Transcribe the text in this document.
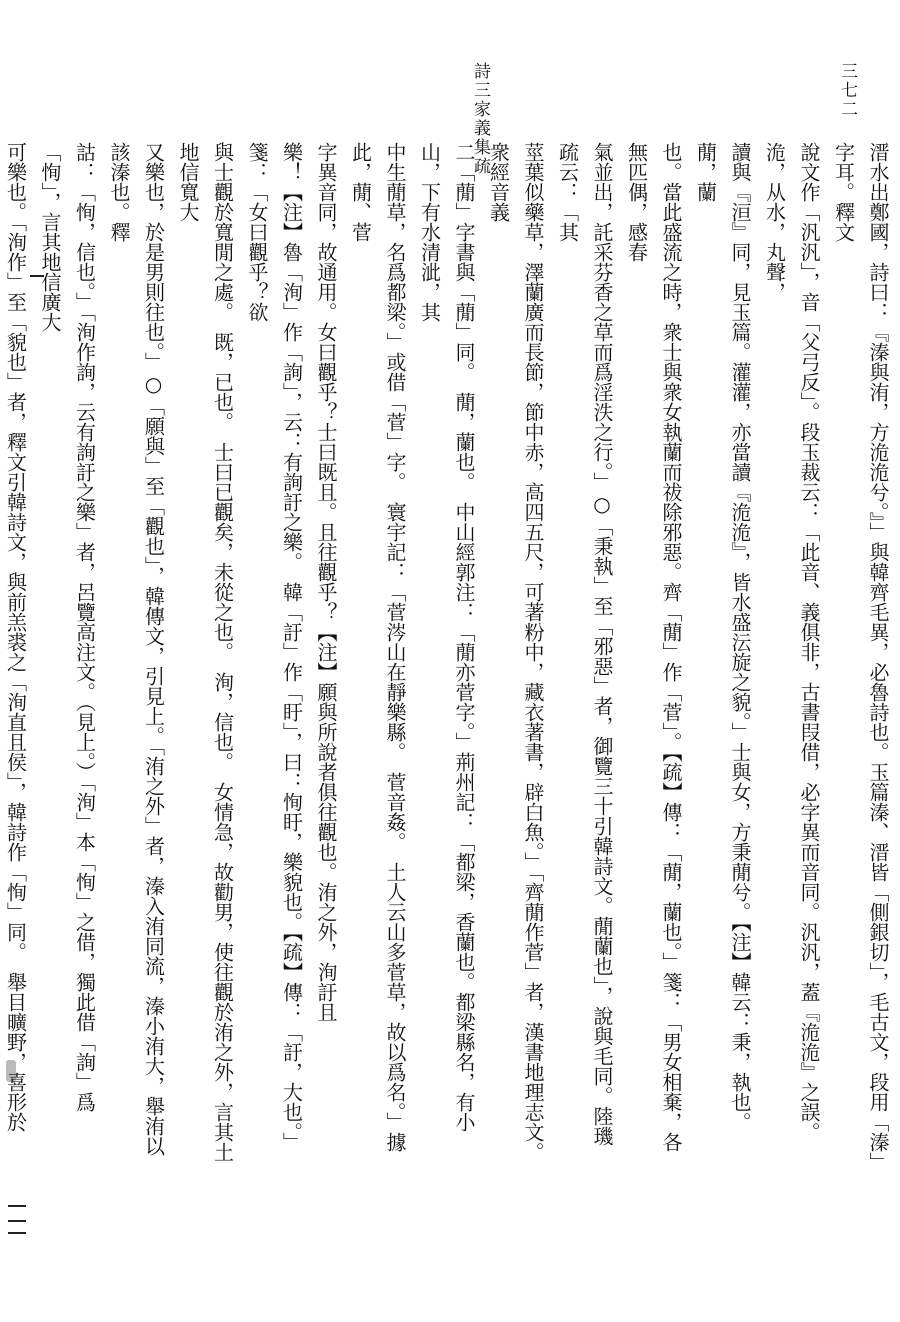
詩三家義集疏	三七二
溍水出鄭國，詩曰：『溱與洧，方洈洈兮。』」與韓齊毛異，必魯詩也。玉篇溱、溍皆「側銀切」，毛古文，段用「溱」字耳。釋文
說文作「汎汎」，音「父弓反」。段玉裁云：「此音、義俱非，古書叚借，必字異而音同。汎汎，蓋『洈洈』之誤。洈，从水，丸聲，
讀與『洹』同，見玉篇。灌灌，亦當讀『洈洈』，皆水盛沄旋之貌。」士與女，方秉蕑兮。【注】韓云：秉，執也。蕑，蘭
也。當此盛流之時，衆士與衆女執蘭而祓除邪惡。齊「蕑」作「菅」。【疏】傳：「蕑，蘭也。」箋：「男女相棄，各無匹偶，感春
氣並出，託采芬香之草而爲淫泆之行。」○「秉執」至「邪惡」者，御覽三十引韓詩文。蕑蘭也」，說與毛同。陸璣疏云：「其
莖葉似藥草，澤蘭廣而長節，節中赤，高四五尺，可著粉中，藏衣著書，辟白魚。」「齊蕑作菅」者，漢書地理志文。衆經音義
二「蕑」字書與「蕑」同。　蕑，蘭也。　中山經郭注：「蕑亦菅字。」荊州記：「都梁，香蘭也。都梁縣名，有小山，下有水清泚，其
中生蕑草，名爲都梁。」或借「菅」字。　寰宇記：「菅涔山在靜樂縣。　菅音姦。　土人云山多菅草，故以爲名。」據此，蕑、菅
字異音同，故通用。女曰觀乎？士曰既且。且往觀乎？【注】願與所說者俱往觀也。洧之外，洵訏且
樂！【注】魯「洵」作「詢」，云：有詢訏之樂。　韓「訏」作「盱」，曰：恂盱，樂貌也。【疏】傳：「訏，大也。」箋：「女曰觀乎？欲
與士觀於寬閒之處。　既，已也。　士曰已觀矣，未從之也。　洵，信也。　女情急，故勸男，使往觀於洧之外，言其土地信寬大
又樂也，於是男則往也。」○「願與」至「觀也」，韓傳文，引見上。「洧之外」者，溱入洧同流，溱小洧大，舉洧以該溱也。釋
詁：「恂，信也。」「洵作詢，云有詢訏之樂」者，呂覽高注文。（見上。）「洵」本「恂」之借，獨此借「詢」爲「恂」，言其地信廣大
可樂也。「洵作」至「貌也」者，釋文引韓詩文，與前羔裘之「洵直且侯」，韓詩作「恂」同。　舉目曠野，喜形於
